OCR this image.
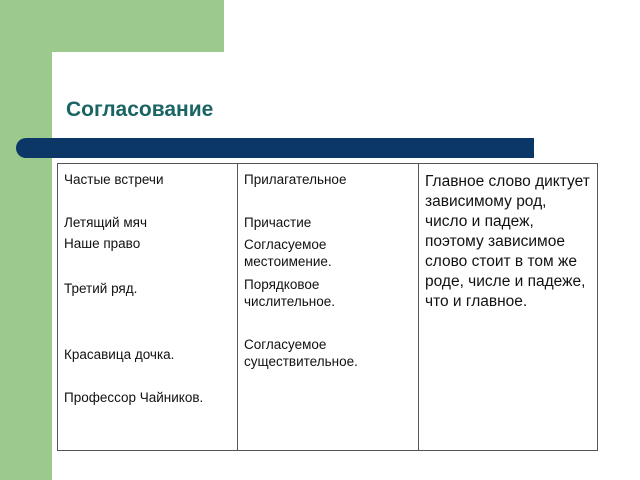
Согласование

Частые встречи

Летящий мяч

Наше право

Третий ряд.

Красавица дочка.

Профессор Чайников.

Прилагательное

Причастие

Согласуемое местоимение.

Порядковое числительное.

Согласуемое существительное.

Главное слово диктует зависимому род, число и падеж, поэтому зависимое слово стоит в том же роде, числе и падеже, что и главное.
